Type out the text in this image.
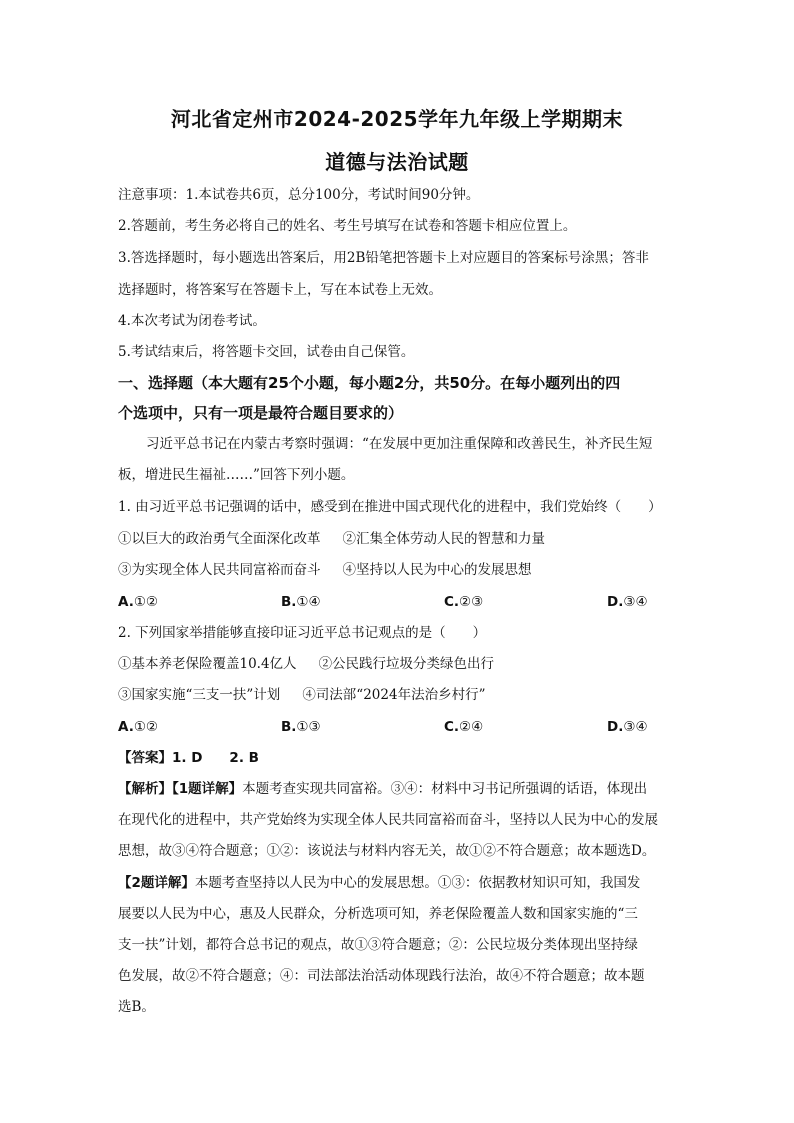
河北省定州市2024-2025学年九年级上学期期末
道德与法治试题

注意事项：1.本试卷共6页，总分100分，考试时间90分钟。

2.答题前，考生务必将自己的姓名、考生号填写在试卷和答题卡相应位置上。

3.答选择题时，每小题选出答案后，用2B铅笔把答题卡上对应题目的答案标号涂黑；答非

选择题时，将答案写在答题卡上，写在本试卷上无效。

4.本次考试为闭卷考试。

5.考试结束后，将答题卡交回，试卷由自己保管。

一、选择题（本大题有25个小题，每小题2分，共50分。在每小题列出的四

个选项中，只有一项是最符合题目要求的）

习近平总书记在内蒙古考察时强调：“在发展中更加注重保障和改善民生，补齐民生短

板，增进民生福祉……”回答下列小题。

1. 由习近平总书记强调的话中，感受到在推进中国式现代化的进程中，我们党始终（　　）

①以巨大的政治勇气全面深化改革 ②汇集全体劳动人民的智慧和力量
③为实现全体人民共同富裕而奋斗 ④坚持以人民为中心的发展思想
A.①②	B.①④	C.②③	D.③④

2. 下列国家举措能够直接印证习近平总书记观点的是（　　）

①基本养老保险覆盖10.4亿人 ②公民践行垃圾分类绿色出行
③国家实施“三支一扶”计划 ④司法部“2024年法治乡村行”
A.①②	B.①③	C.②④	D.③④

【答案】1. D　　2. B

【解析】【1题详解】本题考查实现共同富裕。③④：材料中习书记所强调的话语，体现出

在现代化的进程中，共产党始终为实现全体人民共同富裕而奋斗，坚持以人民为中心的发展

思想，故③④符合题意；①②：该说法与材料内容无关，故①②不符合题意；故本题选D。

【2题详解】本题考查坚持以人民为中心的发展思想。①③：依据教材知识可知，我国发

展要以人民为中心，惠及人民群众，分析选项可知，养老保险覆盖人数和国家实施的“三

支一扶”计划，都符合总书记的观点，故①③符合题意；②：公民垃圾分类体现出坚持绿

色发展，故②不符合题意；④：司法部法治活动体现践行法治，故④不符合题意；故本题

选B。
